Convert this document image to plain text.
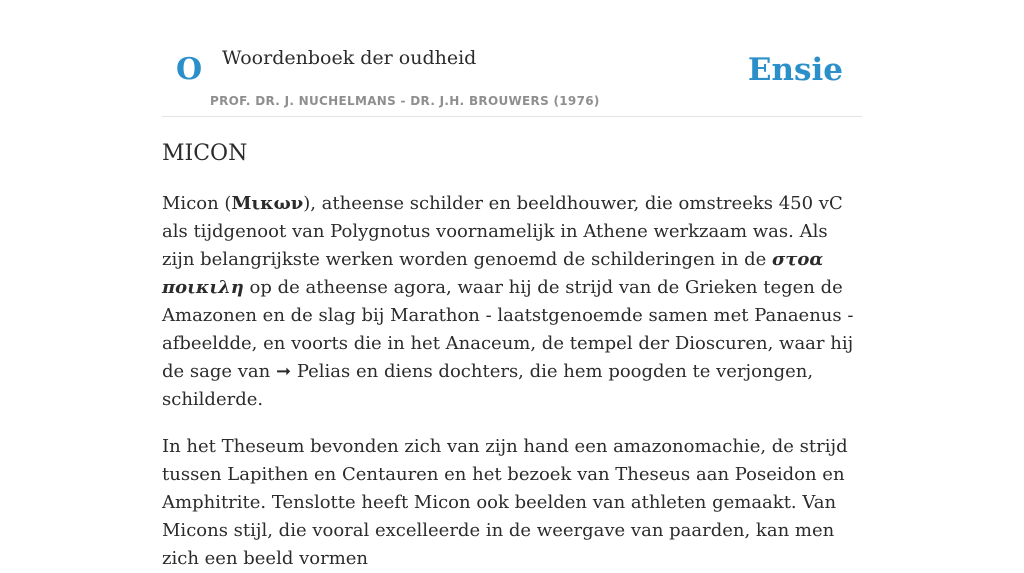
O Woordenboek der oudheid
PROF. DR. J. NUCHELMANS - DR. J.H. BROUWERS (1976)
Ensie
MICON

Micon (Μικων), atheense schilder en beeldhouwer, die omstreeks 450 vC als tijdgenoot van Polygnotus voornamelijk in Athene werkzaam was. Als zijn belangrijkste werken worden genoemd de schilderingen in de στοα ποικιλη op de atheense agora, waar hij de strijd van de Grieken tegen de Amazonen en de slag bij Marathon - laatstgenoemde samen met Panaenus - afbeeldde, en voorts die in het Anaceum, de tempel der Dioscuren, waar hij de sage van ➞ Pelias en diens dochters, die hem poogden te verjongen, schilderde.

In het Theseum bevonden zich van zijn hand een amazonomachie, de strijd tussen Lapithen en Centauren en het bezoek van Theseus aan Poseidon en Amphitrite. Tenslotte heeft Micon ook beelden van athleten gemaakt. Van Micons stijl, die vooral excelleerde in de weergave van paarden, kan men zich een beeld vormen
